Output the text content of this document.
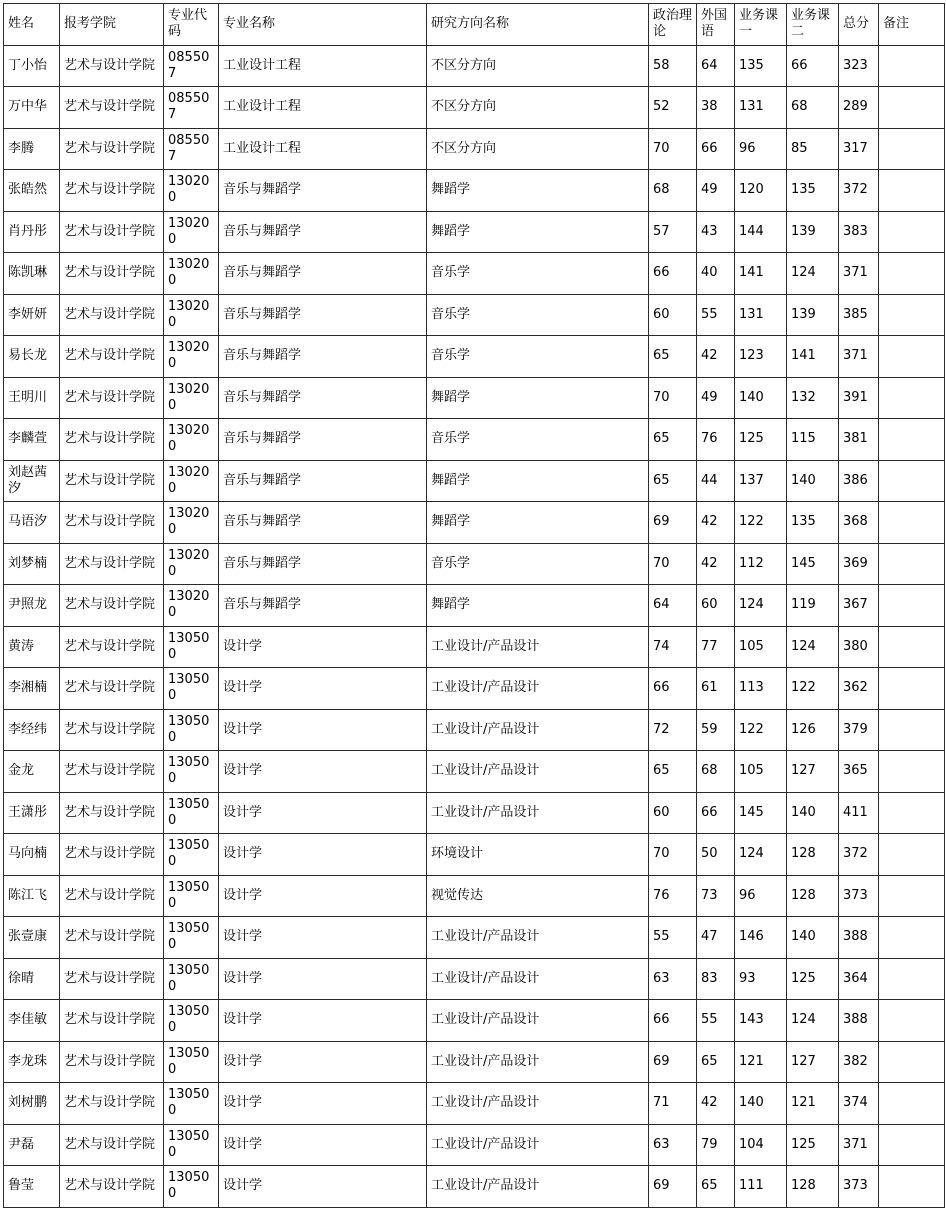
姓名	报考学院	专业代码	专业名称	研究方向名称	政治理论	外国语	业务课一	业务课二	总分	备注
丁小怡	艺术与设计学院	085507	工业设计工程	不区分方向	58	64	135	66	323	
万中华	艺术与设计学院	085507	工业设计工程	不区分方向	52	38	131	68	289	
李腾	艺术与设计学院	085507	工业设计工程	不区分方向	70	66	96	85	317	
张皓然	艺术与设计学院	130200	音乐与舞蹈学	舞蹈学	68	49	120	135	372	
肖丹彤	艺术与设计学院	130200	音乐与舞蹈学	舞蹈学	57	43	144	139	383	
陈凯琳	艺术与设计学院	130200	音乐与舞蹈学	音乐学	66	40	141	124	371	
李妍妍	艺术与设计学院	130200	音乐与舞蹈学	音乐学	60	55	131	139	385	
易长龙	艺术与设计学院	130200	音乐与舞蹈学	音乐学	65	42	123	141	371	
王明川	艺术与设计学院	130200	音乐与舞蹈学	舞蹈学	70	49	140	132	391	
李麟萱	艺术与设计学院	130200	音乐与舞蹈学	音乐学	65	76	125	115	381	
刘赵茜汐	艺术与设计学院	130200	音乐与舞蹈学	舞蹈学	65	44	137	140	386	
马语汐	艺术与设计学院	130200	音乐与舞蹈学	舞蹈学	69	42	122	135	368	
刘梦楠	艺术与设计学院	130200	音乐与舞蹈学	音乐学	70	42	112	145	369	
尹照龙	艺术与设计学院	130200	音乐与舞蹈学	舞蹈学	64	60	124	119	367	
黄涛	艺术与设计学院	130500	设计学	工业设计/产品设计	74	77	105	124	380	
李湘楠	艺术与设计学院	130500	设计学	工业设计/产品设计	66	61	113	122	362	
李经纬	艺术与设计学院	130500	设计学	工业设计/产品设计	72	59	122	126	379	
金龙	艺术与设计学院	130500	设计学	工业设计/产品设计	65	68	105	127	365	
王潇彤	艺术与设计学院	130500	设计学	工业设计/产品设计	60	66	145	140	411	
马向楠	艺术与设计学院	130500	设计学	环境设计	70	50	124	128	372	
陈江飞	艺术与设计学院	130500	设计学	视觉传达	76	73	96	128	373	
张壹康	艺术与设计学院	130500	设计学	工业设计/产品设计	55	47	146	140	388	
徐晴	艺术与设计学院	130500	设计学	工业设计/产品设计	63	83	93	125	364	
李佳敏	艺术与设计学院	130500	设计学	工业设计/产品设计	66	55	143	124	388	
李龙珠	艺术与设计学院	130500	设计学	工业设计/产品设计	69	65	121	127	382	
刘树鹏	艺术与设计学院	130500	设计学	工业设计/产品设计	71	42	140	121	374	
尹磊	艺术与设计学院	130500	设计学	工业设计/产品设计	63	79	104	125	371	
鲁莹	艺术与设计学院	130500	设计学	工业设计/产品设计	69	65	111	128	373	
